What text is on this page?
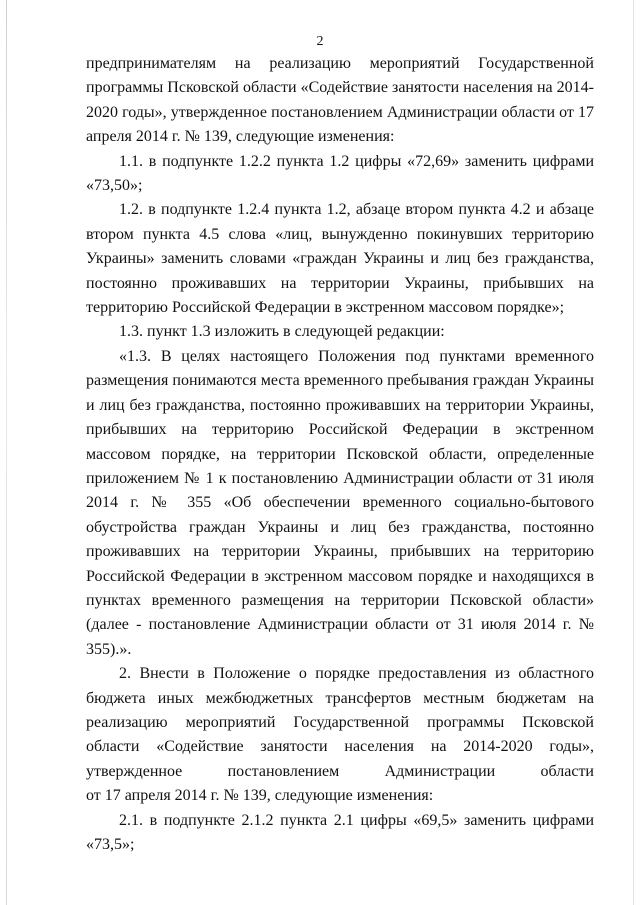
2

предпринимателям на реализацию мероприятий Государственной программы Псковской области «Содействие занятости населения на 2014-2020 годы», утвержденное постановлением Администрации области от 17 апреля 2014 г. № 139, следующие изменения:

1.1. в подпункте 1.2.2 пункта 1.2 цифры «72,69» заменить цифрами «73,50»;

1.2. в подпункте 1.2.4 пункта 1.2, абзаце втором пункта 4.2 и абзаце втором пункта 4.5 слова «лиц, вынужденно покинувших территорию Украины» заменить словами «граждан Украины и лиц без гражданства, постоянно проживавших на территории Украины, прибывших на территорию Российской Федерации в экстренном массовом порядке»;

1.3. пункт 1.3 изложить в следующей редакции:

«1.3. В целях настоящего Положения под пунктами временного размещения понимаются места временного пребывания граждан Украины и лиц без гражданства, постоянно проживавших на территории Украины, прибывших на территорию Российской Федерации в экстренном массовом порядке, на территории Псковской области, определенные приложением № 1 к постановлению Администрации области от 31 июля 2014 г. № 355 «Об обеспечении временного социально-бытового обустройства граждан Украины и лиц без гражданства, постоянно проживавших на территории Украины, прибывших на территорию Российской Федерации в экстренном массовом порядке и находящихся в пунктах временного размещения на территории Псковской области» (далее - постановление Администрации области от 31 июля 2014 г. № 355).».

2. Внести в Положение о порядке предоставления из областного бюджета иных межбюджетных трансфертов местным бюджетам на реализацию мероприятий Государственной программы Псковской области «Содействие занятости населения на 2014-2020 годы», утвержденное постановлением Администрации области

от 17 апреля 2014 г. № 139, следующие изменения:

2.1. в подпункте 2.1.2 пункта 2.1 цифры «69,5» заменить цифрами «73,5»;
